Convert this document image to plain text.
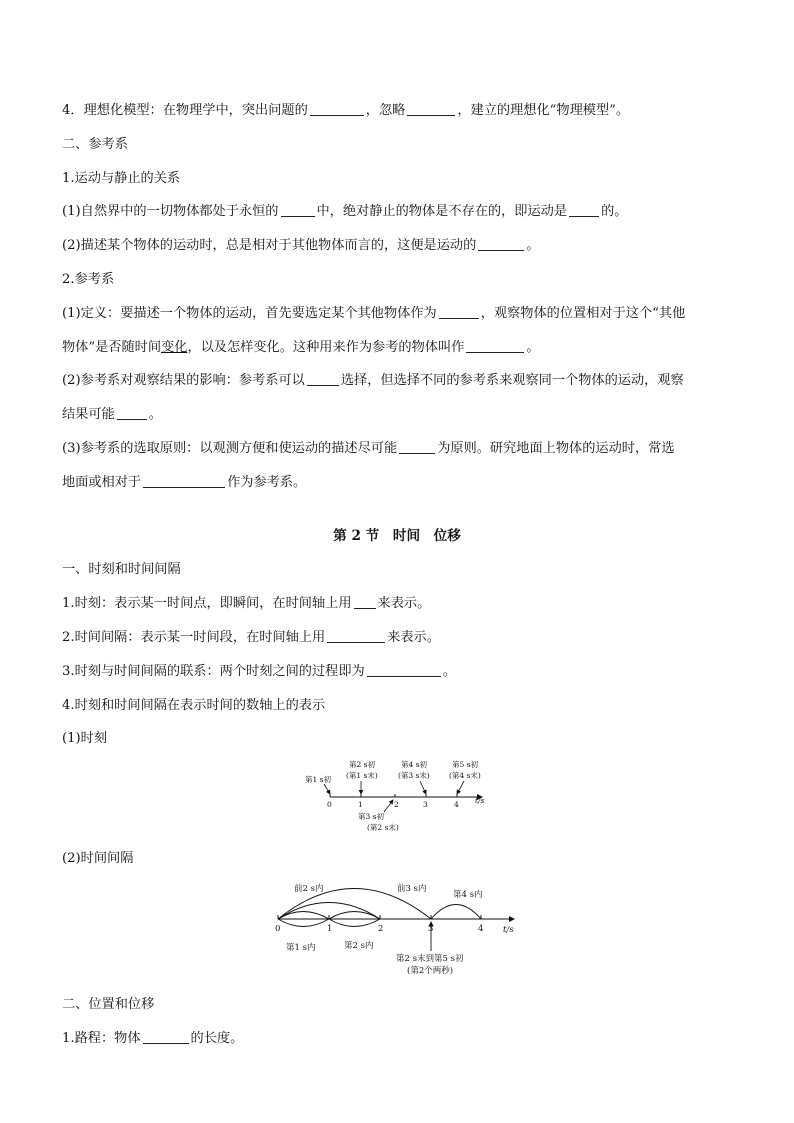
4．理想化模型：在物理学中，突出问题的	，忽略	，建立的理想化“物理模型”。
二、参考系
1.运动与静止的关系
(1)自然界中的一切物体都处于永恒的	中，绝对静止的物体是不存在的，即运动是	的。
(2)描述某个物体的运动时，总是相对于其他物体而言的，这便是运动的	。
2.参考系
(1)定义：要描述一个物体的运动，首先要选定某个其他物体作为	，观察物体的位置相对于这个“其他
物体”是否随时间变化，以及怎样变化。这种用来作为参考的物体叫作	。
(2)参考系对观察结果的影响：参考系可以	选择，但选择不同的参考系来观察同一个物体的运动，观察
结果可能	。
(3)参考系的选取原则：以观测方便和使运动的描述尽可能	为原则。研究地面上物体的运动时，常选
地面或相对于	作为参考系。
第 2 节　时间　位移
一、时刻和时间间隔
1.时刻：表示某一时间点，即瞬间，在时间轴上用 来表示。
2.时间间隔：表示某一时间段，在时间轴上用	来表示。
3.时刻与时间间隔的联系：两个时刻之间的过程即为	。
4.时刻和时间间隔在表示时间的数轴上的表示
(1)时刻
0	1	2	3	4 t/s
第1 s初
第2 s初
(第1 s末)
第4 s初
(第3 s末)
第5 s初
(第4 s末)
第3 s初
(第2 s末)
(2)时间间隔
0	1	2	3	4 t/s
前2 s内	前3 s内
第4 s内
第1 s内	第2 s内
第2 s末到第5 s初
(第2个两秒)
二、位置和位移
1.路程：物体	的长度。
